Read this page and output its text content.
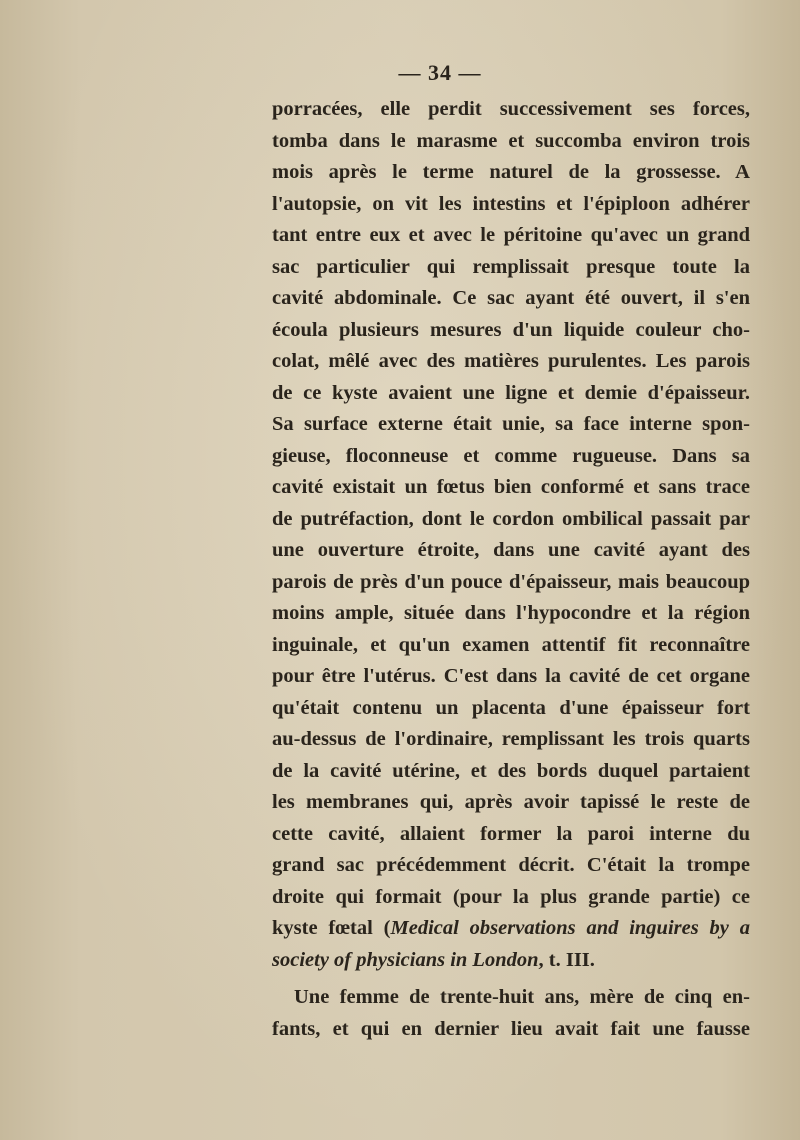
— 34 —
porracées, elle perdit successivement ses forces,
tomba dans le marasme et succomba environ trois
mois après le terme naturel de la grossesse. A
l'autopsie, on vit les intestins et l'épiploon adhérer
tant entre eux et avec le péritoine qu'avec un grand
sac particulier qui remplissait presque toute la
cavité abdominale. Ce sac ayant été ouvert, il s'en
écoula plusieurs mesures d'un liquide couleur cho-
colat, mêlé avec des matières purulentes. Les parois
de ce kyste avaient une ligne et demie d'épaisseur.
Sa surface externe était unie, sa face interne spon-
gieuse, floconneuse et comme rugueuse. Dans sa
cavité existait un fœtus bien conformé et sans trace
de putréfaction, dont le cordon ombilical passait par
une ouverture étroite, dans une cavité ayant des
parois de près d'un pouce d'épaisseur, mais beaucoup
moins ample, située dans l'hypocondre et la région
inguinale, et qu'un examen attentif fit reconnaître
pour être l'utérus. C'est dans la cavité de cet organe
qu'était contenu un placenta d'une épaisseur fort
au-dessus de l'ordinaire, remplissant les trois quarts
de la cavité utérine, et des bords duquel partaient
les membranes qui, après avoir tapissé le reste de
cette cavité, allaient former la paroi interne du
grand sac précédemment décrit. C'était la trompe
droite qui formait (pour la plus grande partie) ce
kyste fœtal (Medical observations and inguires by a
society of physicians in London, t. III.
Une femme de trente-huit ans, mère de cinq en-
fants, et qui en dernier lieu avait fait une fausse
